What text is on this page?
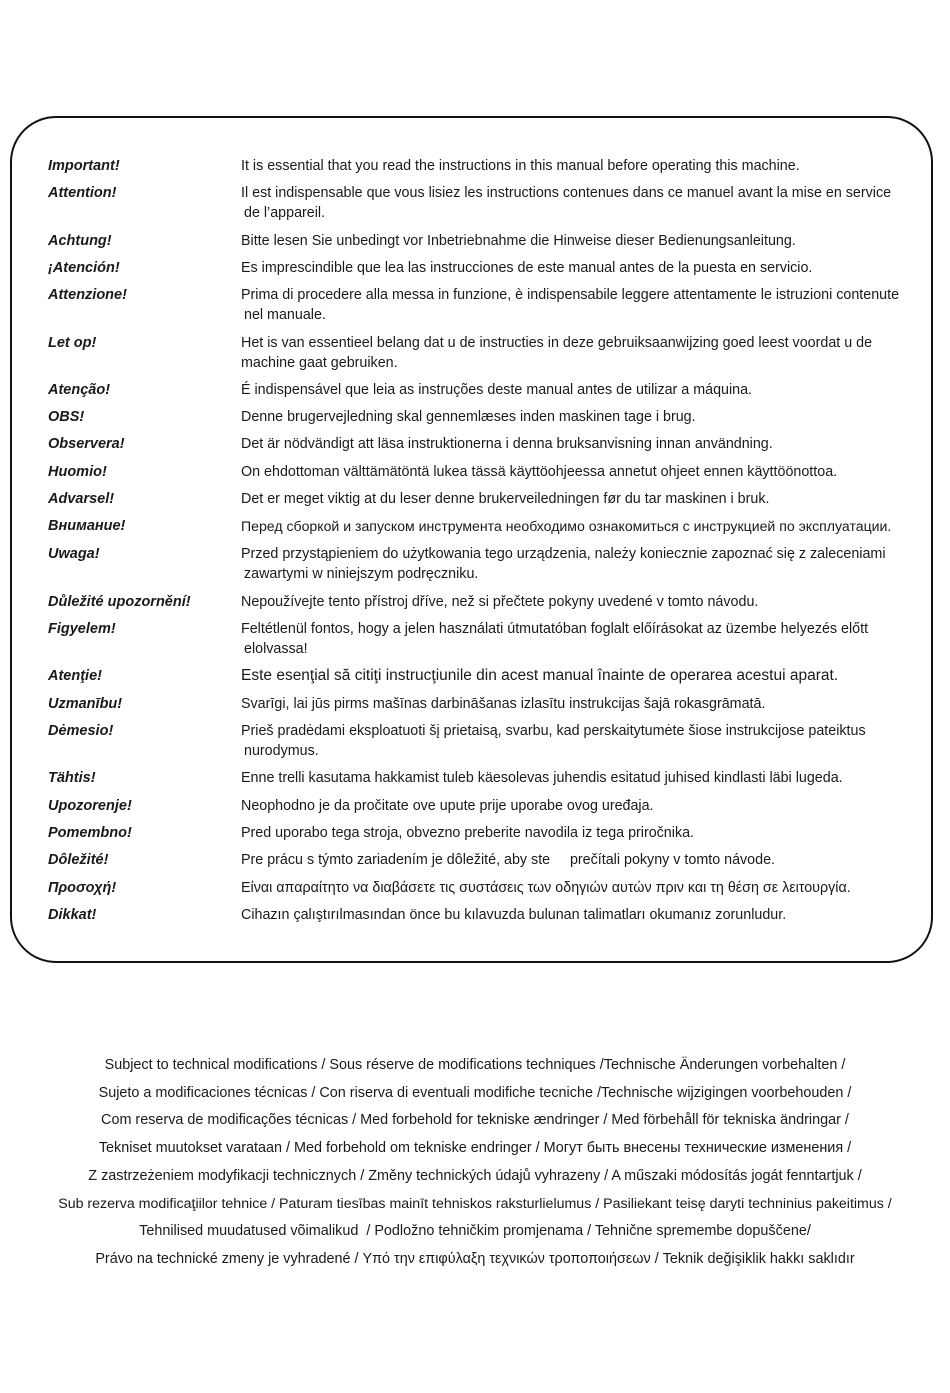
Important!	It is essential that you read the instructions in this manual before operating this machine.
Attention!	Il est indispensable que vous lisiez les instructions contenues dans ce manuel avant la mise en service
de l’appareil.
Achtung!	Bitte lesen Sie unbedingt vor Inbetriebnahme die Hinweise dieser Bedienungsanleitung.
¡Atención!	Es imprescindible que lea las instrucciones de este manual antes de la puesta en servicio.
Attenzione!	Prima di procedere alla messa in funzione, è indispensabile leggere attentamente le istruzioni contenute
nel manuale.
Let op!	Het is van essentieel belang dat u de instructies in deze gebruiksaanwijzing goed leest voordat u de
machine gaat gebruiken.
Atenção!	É indispensável que leia as instruções deste manual antes de utilizar a máquina.
OBS!	Denne brugervejledning skal gennemlæses inden maskinen tage i brug.
Observera!	Det är nödvändigt att läsa instruktionerna i denna bruksanvisning innan användning.
Huomio!	On ehdottoman välttämätöntä lukea tässä käyttöohjeessa annetut ohjeet ennen käyttöönottoa.
Advarsel!	Det er meget viktig at du leser denne brukerveiledningen før du tar maskinen i bruk.
Внимание!	Перед сборкой и запуском инструмента необходимо ознакомиться с инструкцией по эксплуатации.
Uwaga!	Przed przystąpieniem do użytkowania tego urządzenia, należy koniecznie zapoznać się z zaleceniami
zawartymi w niniejszym podręczniku.
Důležité upozornění!	Nepoužívejte tento přístroj dříve, než si přečtete pokyny uvedené v tomto návodu.
Figyelem!	Feltétlenül fontos, hogy a jelen használati útmutatóban foglalt előírásokat az üzembe helyezés előtt
elolvassa!
Atenţie!	Este esenţial să citiţi instrucţiunile din acest manual înainte de operarea acestui aparat.
Uzmanību!	Svarīgi, lai jūs pirms mašīnas darbināšanas izlasītu instrukcijas šajā rokasgrāmatā.
Dėmesio!	Prieš pradėdami eksploatuoti šį prietaisą, svarbu, kad perskaitytumėte šiose instrukcijose pateiktus
nurodymus.
Tähtis!	Enne trelli kasutama hakkamist tuleb käesolevas juhendis esitatud juhised kindlasti läbi lugeda.
Upozorenje!	Neophodno je da pročitate ove upute prije uporabe ovog uređaja.
Pomembno!	Pred uporabo tega stroja, obvezno preberite navodila iz tega priročnika.
Dôležité!	Pre prácu s týmto zariadením je dôležité, aby ste     prečítali pokyny v tomto návode.
Προσοχή!	Είναι απαραίτητο να διαβάσετε τις συστάσεις των οδηγιών αυτών πριν και τη θέση σε λειτουργία.
Dikkat!	Cihazın çalıştırılmasından önce bu kılavuzda bulunan talimatları okumanız zorunludur.
Subject to technical modifications / Sous réserve de modifications techniques /Technische Änderungen vorbehalten /
Sujeto a modificaciones técnicas / Con riserva di eventuali modifiche tecniche /Technische wijzigingen voorbehouden /
Com reserva de modificações técnicas / Med forbehold for tekniske ændringer / Med förbehåll för tekniska ändringar /
Tekniset muutokset varataan / Med forbehold om tekniske endringer / Могут быть внесены технические изменения /
Z zastrzeżeniem modyfikacji technicznych / Změny technických údajů vyhrazeny / A műszaki módosítás jogát fenntartjuk /
Sub rezerva modificaţiilor tehnice / Paturam tiesības mainīt tehniskos raksturlielumus / Pasiliekant teisę daryti techninius pakeitimus /
Tehnilised muudatused võimalikud  / Podložno tehničkim promjenama / Tehnične spremembe dopuščene/
Právo na technické zmeny je vyhradené / Υπό την επιφύλαξη τεχνικών τροποποιήσεων / Teknik değişiklik hakkı saklıdır
